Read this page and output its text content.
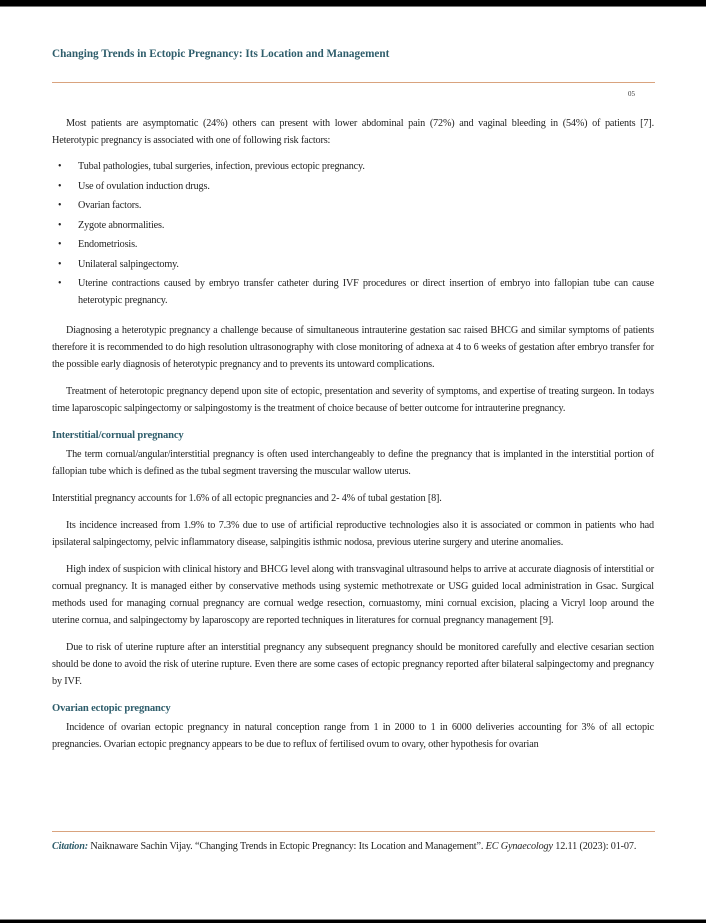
Changing Trends in Ectopic Pregnancy: Its Location and Management
05

Most patients are asymptomatic (24%) others can present with lower abdominal pain (72%) and vaginal bleeding in (54%) of patients [7]. Heterotypic pregnancy is associated with one of following risk factors:

• Tubal pathologies, tubal surgeries, infection, previous ectopic pregnancy.
• Use of ovulation induction drugs.
• Ovarian factors.
• Zygote abnormalities.
• Endometriosis.
• Unilateral salpingectomy.
• Uterine contractions caused by embryo transfer catheter during IVF procedures or direct insertion of embryo into fallopian tube can cause heterotypic pregnancy.

Diagnosing a heterotypic pregnancy a challenge because of simultaneous intrauterine gestation sac raised BHCG and similar symptoms of patients therefore it is recommended to do high resolution ultrasonography with close monitoring of adnexa at 4 to 6 weeks of gestation after embryo transfer for the possible early diagnosis of heterotypic pregnancy and to prevents its untoward complications.

Treatment of heterotopic pregnancy depend upon site of ectopic, presentation and severity of symptoms, and expertise of treating surgeon. In todays time laparoscopic salpingectomy or salpingostomy is the treatment of choice because of better outcome for intrauterine pregnancy.

Interstitial/cornual pregnancy

The term cornual/angular/interstitial pregnancy is often used interchangeably to define the pregnancy that is implanted in the interstitial portion of fallopian tube which is defined as the tubal segment traversing the muscular wallow uterus.

Interstitial pregnancy accounts for 1.6% of all ectopic pregnancies and 2- 4% of tubal gestation [8].

Its incidence increased from 1.9% to 7.3% due to use of artificial reproductive technologies also it is associated or common in patients who had ipsilateral salpingectomy, pelvic inflammatory disease, salpingitis isthmic nodosa, previous uterine surgery and uterine anomalies.

High index of suspicion with clinical history and BHCG level along with transvaginal ultrasound helps to arrive at accurate diagnosis of interstitial or cornual pregnancy. It is managed either by conservative methods using systemic methotrexate or USG guided local administration in Gsac. Surgical methods used for managing cornual pregnancy are cornual wedge resection, cornuastomy, mini cornual excision, placing a Vicryl loop around the uterine cornua, and salpingectomy by laparoscopy are reported techniques in literatures for cornual pregnancy management [9].

Due to risk of uterine rupture after an interstitial pregnancy any subsequent pregnancy should be monitored carefully and elective cesarian section should be done to avoid the risk of uterine rupture. Even there are some cases of ectopic pregnancy reported after bilateral salpingectomy and pregnancy by IVF.

Ovarian ectopic pregnancy

Incidence of ovarian ectopic pregnancy in natural conception range from 1 in 2000 to 1 in 6000 deliveries accounting for 3% of all ectopic pregnancies. Ovarian ectopic pregnancy appears to be due to reflux of fertilised ovum to ovary, other hypothesis for ovarian

Citation: Naiknaware Sachin Vijay. “Changing Trends in Ectopic Pregnancy: Its Location and Management”. EC Gynaecology 12.11 (2023): 01-07.
